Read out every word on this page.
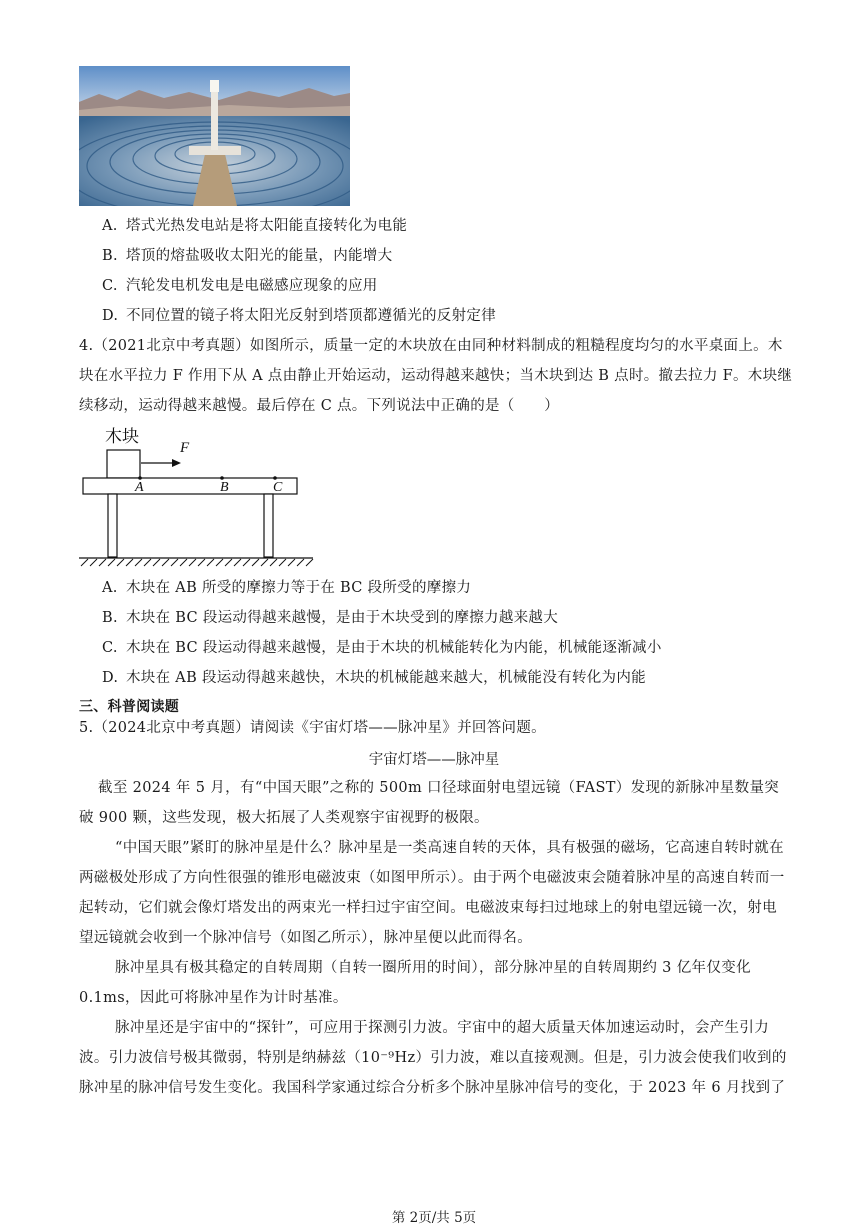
A. 塔式光热发电站是将太阳能直接转化为电能
B. 塔顶的熔盐吸收太阳光的能量，内能增大
C. 汽轮发电机发电是电磁感应现象的应用
D. 不同位置的镜子将太阳光反射到塔顶都遵循光的反射定律
4.（2021北京中考真题）如图所示，质量一定的木块放在由同种材料制成的粗糙程度均匀的水平桌面上。木
块在水平拉力 F 作用下从 A 点由静止开始运动，运动得越来越快；当木块到达 B 点时。撤去拉力 F。木块继
续移动，运动得越来越慢。最后停在 C 点。下列说法中正确的是（　　）
木块
F
A	B	C
A. 木块在 AB 所受的摩擦力等于在 BC 段所受的摩擦力
B. 木块在 BC 段运动得越来越慢，是由于木块受到的摩擦力越来越大
C. 木块在 BC 段运动得越来越慢，是由于木块的机械能转化为内能，机械能逐渐减小
D. 木块在 AB 段运动得越来越快，木块的机械能越来越大，机械能没有转化为内能
三、科普阅读题
5.（2024北京中考真题）请阅读《宇宙灯塔——脉冲星》并回答问题。
宇宙灯塔——脉冲星
截至 2024 年 5 月，有“中国天眼”之称的 500m 口径球面射电望远镜（FAST）发现的新脉冲星数量突破 900 颗，这些发现，极大拓展了人类观察宇宙视野的极限。
“中国天眼”紧盯的脉冲星是什么？脉冲星是一类高速自转的天体，具有极强的磁场，它高速自转时就在两磁极处形成了方向性很强的锥形电磁波束（如图甲所示）。由于两个电磁波束会随着脉冲星的高速自转而一起转动，它们就会像灯塔发出的两束光一样扫过宇宙空间。电磁波束每扫过地球上的射电望远镜一次，射电望远镜就会收到一个脉冲信号（如图乙所示），脉冲星便以此而得名。
脉冲星具有极其稳定的自转周期（自转一圈所用的时间），部分脉冲星的自转周期约 3 亿年仅变化 0.1ms，因此可将脉冲星作为计时基准。
脉冲星还是宇宙中的“探针”，可应用于探测引力波。宇宙中的超大质量天体加速运动时，会产生引力波。引力波信号极其微弱，特别是纳赫兹（10⁻⁹Hz）引力波，难以直接观测。但是，引力波会使我们收到的脉冲星的脉冲信号发生变化。我国科学家通过综合分析多个脉冲星脉冲信号的变化，于 2023 年 6 月找到了
第 2页/共 5页
